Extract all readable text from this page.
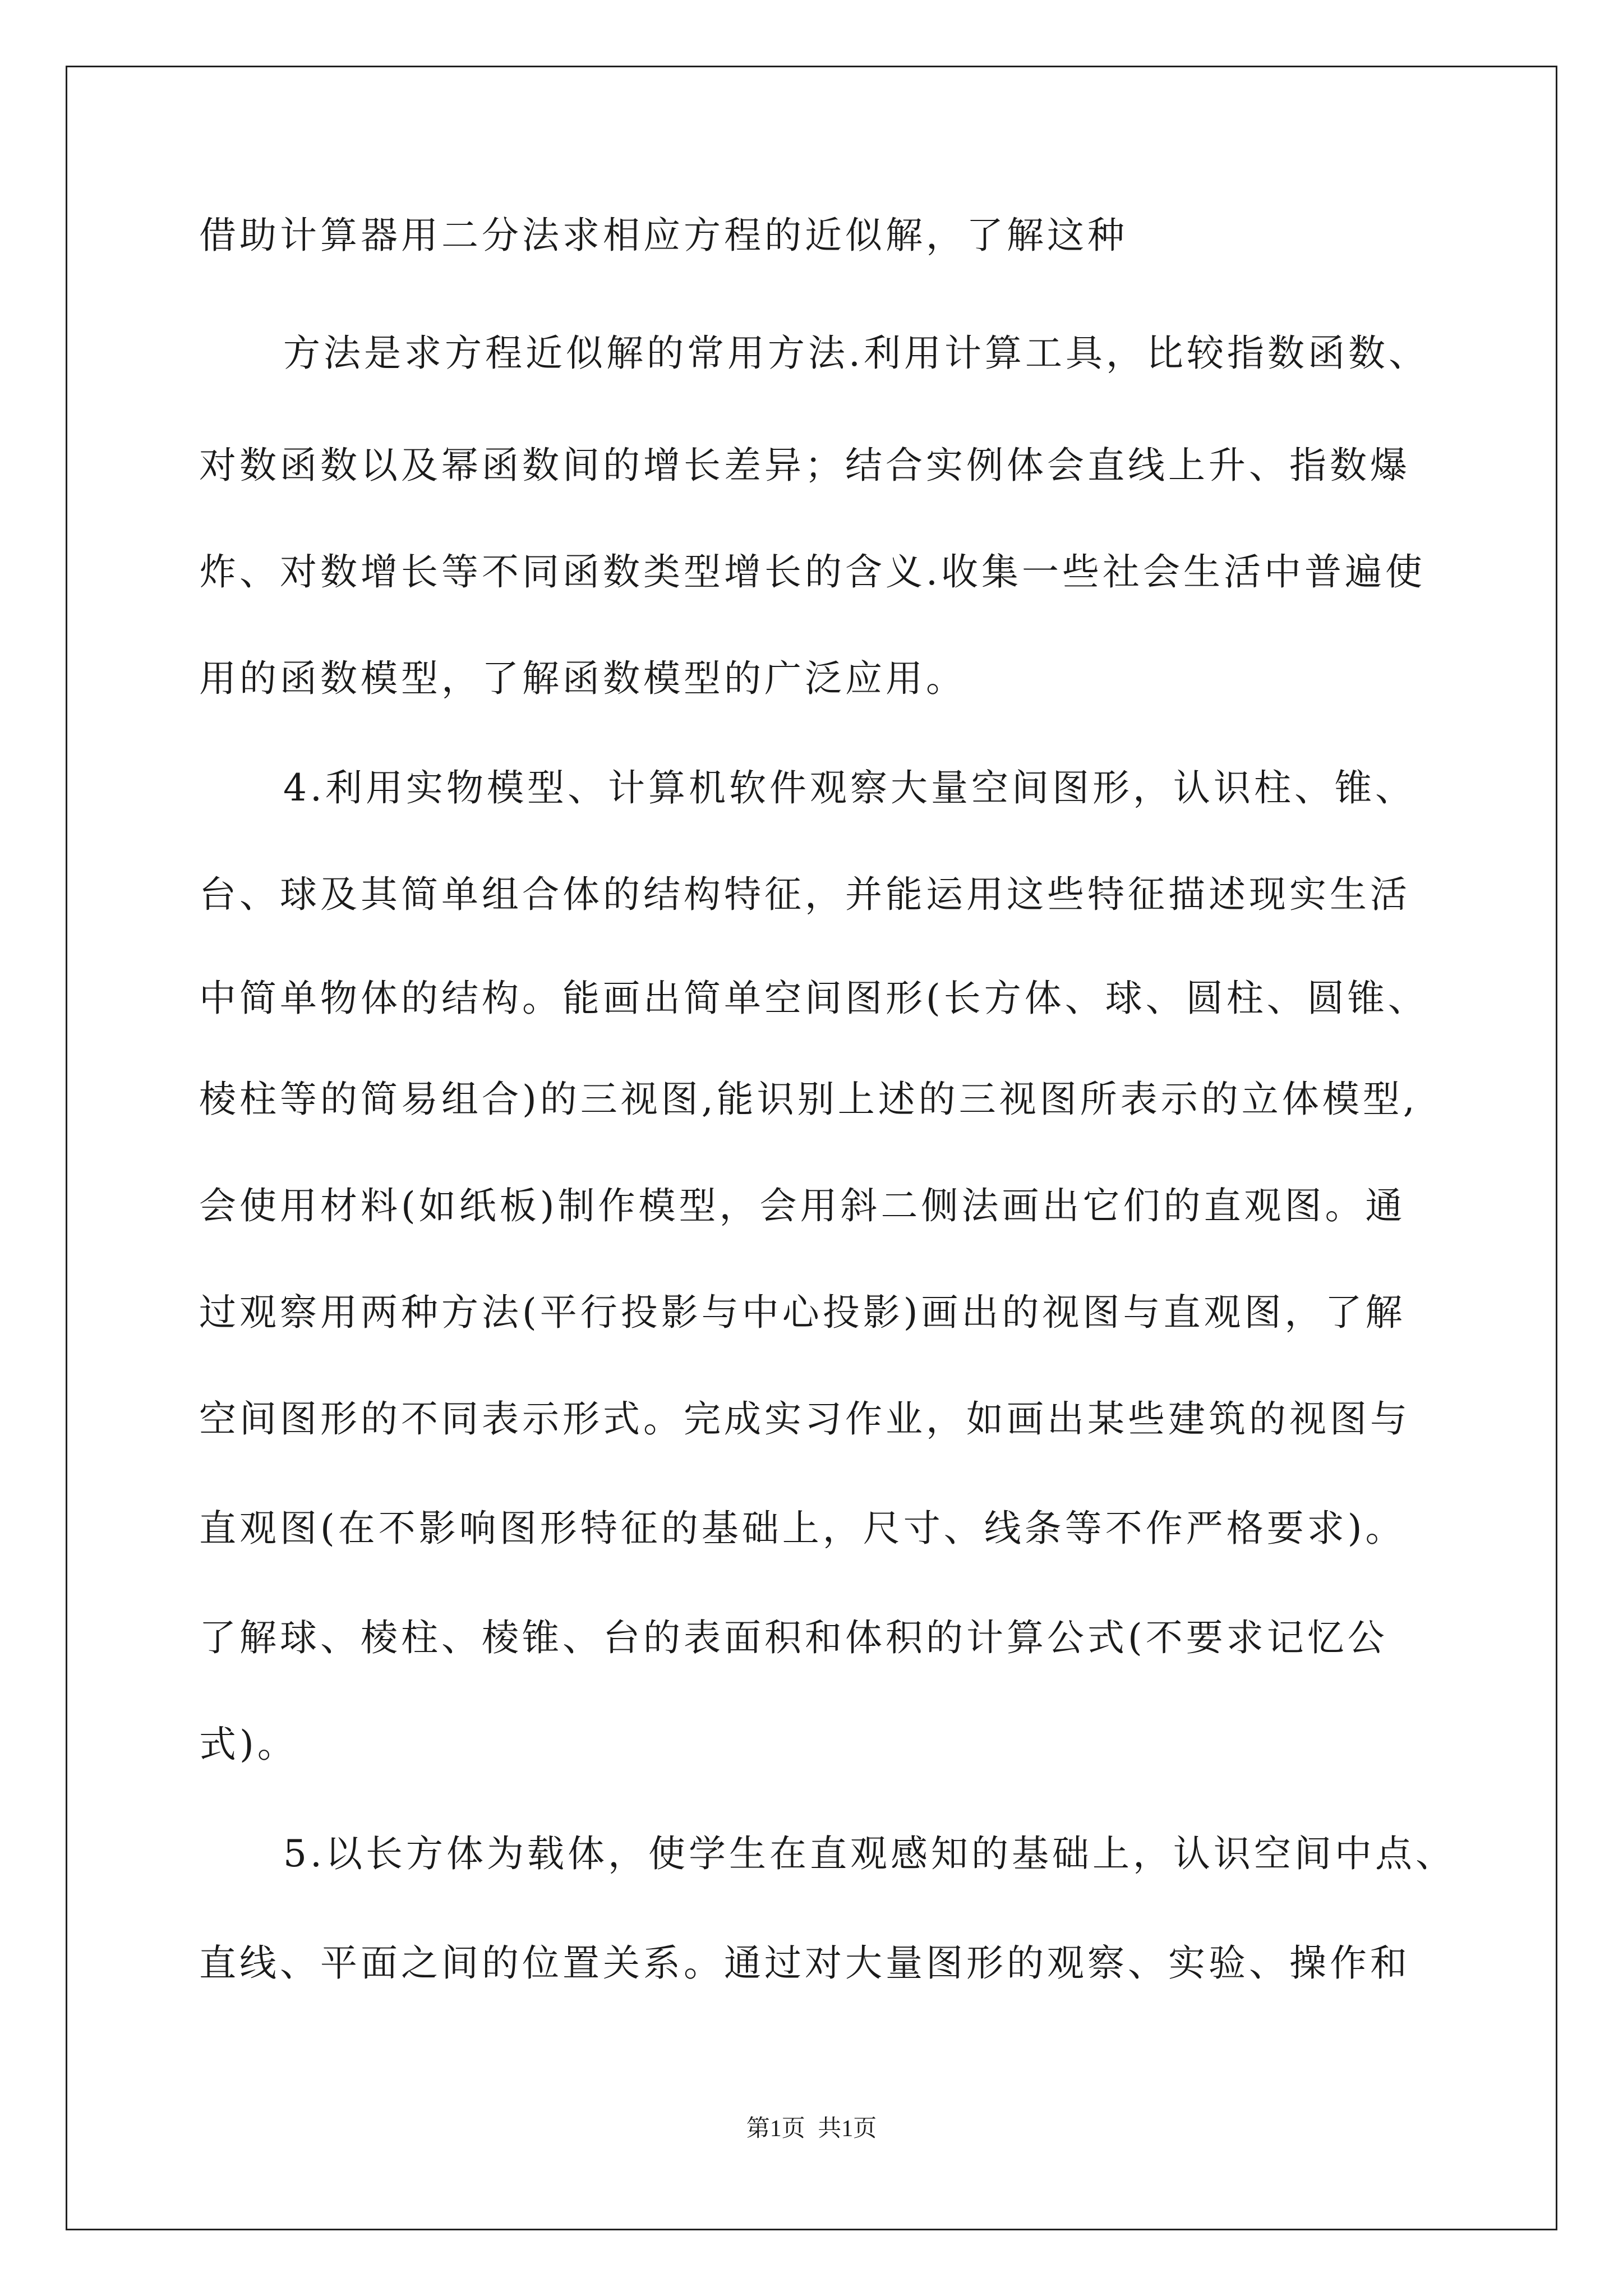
借助计算器用二分法求相应方程的近似解，了解这种
方法是求方程近似解的常用方法.利用计算工具，比较指数函数、
对数函数以及幂函数间的增长差异；结合实例体会直线上升、指数爆
炸、对数增长等不同函数类型增长的含义.收集一些社会生活中普遍使
用的函数模型，了解函数模型的广泛应用。
4.利用实物模型、计算机软件观察大量空间图形，认识柱、锥、
台、球及其简单组合体的结构特征，并能运用这些特征描述现实生活
中简单物体的结构。能画出简单空间图形(长方体、球、圆柱、圆锥、
棱柱等的简易组合)的三视图,能识别上述的三视图所表示的立体模型,
会使用材料(如纸板)制作模型，会用斜二侧法画出它们的直观图。通
过观察用两种方法(平行投影与中心投影)画出的视图与直观图，了解
空间图形的不同表示形式。完成实习作业，如画出某些建筑的视图与
直观图(在不影响图形特征的基础上，尺寸、线条等不作严格要求)。
了解球、棱柱、棱锥、台的表面积和体积的计算公式(不要求记忆公
式)。
5.以长方体为载体，使学生在直观感知的基础上，认识空间中点、
直线、平面之间的位置关系。通过对大量图形的观察、实验、操作和
第1页 共1页
